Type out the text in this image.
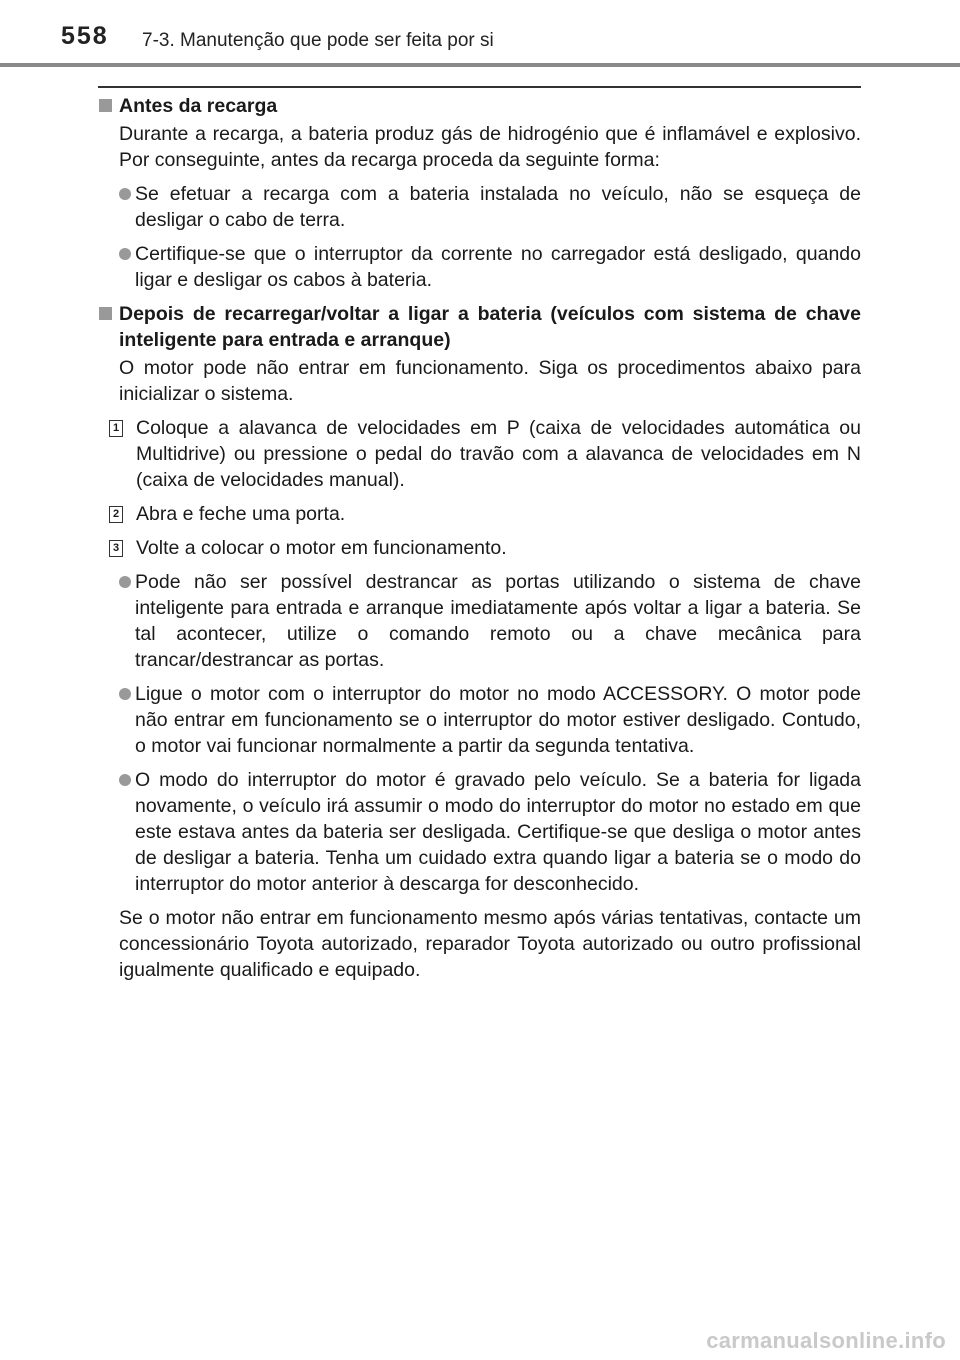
558 7-3. Manutenção que pode ser feita por si
Antes da recarga
Durante a recarga, a bateria produz gás de hidrogénio que é inflamável e explosivo. Por conseguinte, antes da recarga proceda da seguinte forma:
Se efetuar a recarga com a bateria instalada no veículo, não se esqueça de desligar o cabo de terra.
Certifique-se que o interruptor da corrente no carregador está desligado, quando ligar e desligar os cabos à bateria.
Depois de recarregar/voltar a ligar a bateria (veículos com sistema de chave inteligente para entrada e arranque)
O motor pode não entrar em funcionamento. Siga os procedimentos abaixo para inicializar o sistema.
1 Coloque a alavanca de velocidades em P (caixa de velocidades automática ou Multidrive) ou pressione o pedal do travão com a alavanca de velocidades em N (caixa de velocidades manual).
2 Abra e feche uma porta.
3 Volte a colocar o motor em funcionamento.
Pode não ser possível destrancar as portas utilizando o sistema de chave inteligente para entrada e arranque imediatamente após voltar a ligar a bateria. Se tal acontecer, utilize o comando remoto ou a chave mecânica para trancar/destrancar as portas.
Ligue o motor com o interruptor do motor no modo ACCESSORY. O motor pode não entrar em funcionamento se o interruptor do motor estiver desligado. Contudo, o motor vai funcionar normalmente a partir da segunda tentativa.
O modo do interruptor do motor é gravado pelo veículo. Se a bateria for ligada novamente, o veículo irá assumir o modo do interruptor do motor no estado em que este estava antes da bateria ser desligada. Certifique-se que desliga o motor antes de desligar a bateria. Tenha um cuidado extra quando ligar a bateria se o modo do interruptor do motor anterior à descarga for desconhecido.
Se o motor não entrar em funcionamento mesmo após várias tentativas, contacte um concessionário Toyota autorizado, reparador Toyota autorizado ou outro profissional igualmente qualificado e equipado.
carmanualsonline.info
